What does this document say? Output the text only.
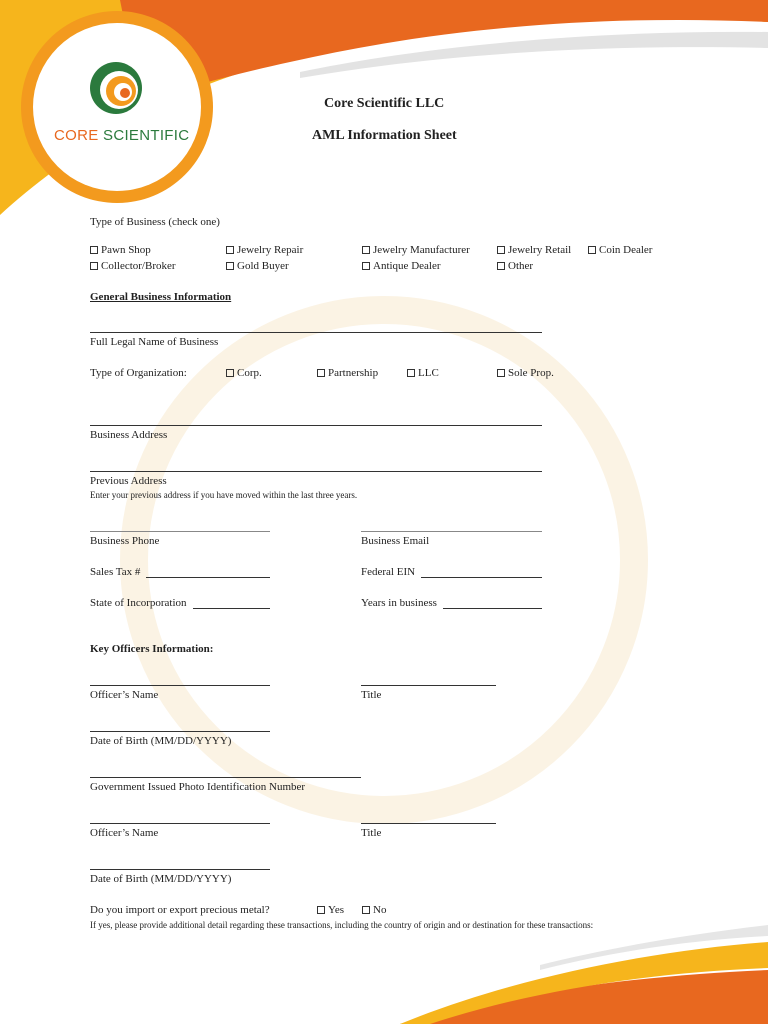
CORE SCIENTIFIC
Core Scientific LLC
AML Information Sheet
Type of Business (check one)
Pawn Shop	Jewelry Repair	Jewelry Manufacturer	Jewelry Retail	Coin Dealer
Collector/Broker	Gold Buyer	Antique Dealer	Other
General Business Information
Full Legal Name of Business
Type of Organization:	Corp.	Partnership	LLC	Sole Prop.
Business Address
Previous Address
Enter your previous address if you have moved within the last three years.
Business Phone	Business Email
Sales Tax #	Federal EIN
State of Incorporation	Years in business
Key Officers Information:
Officer’s Name	Title
Date of Birth (MM/DD/YYYY)
Government Issued Photo Identification Number
Officer’s Name	Title
Date of Birth (MM/DD/YYYY)
Do you import or export precious metal?	Yes	No
If yes, please provide additional detail regarding these transactions, including the country of origin and or destination for these transactions:
